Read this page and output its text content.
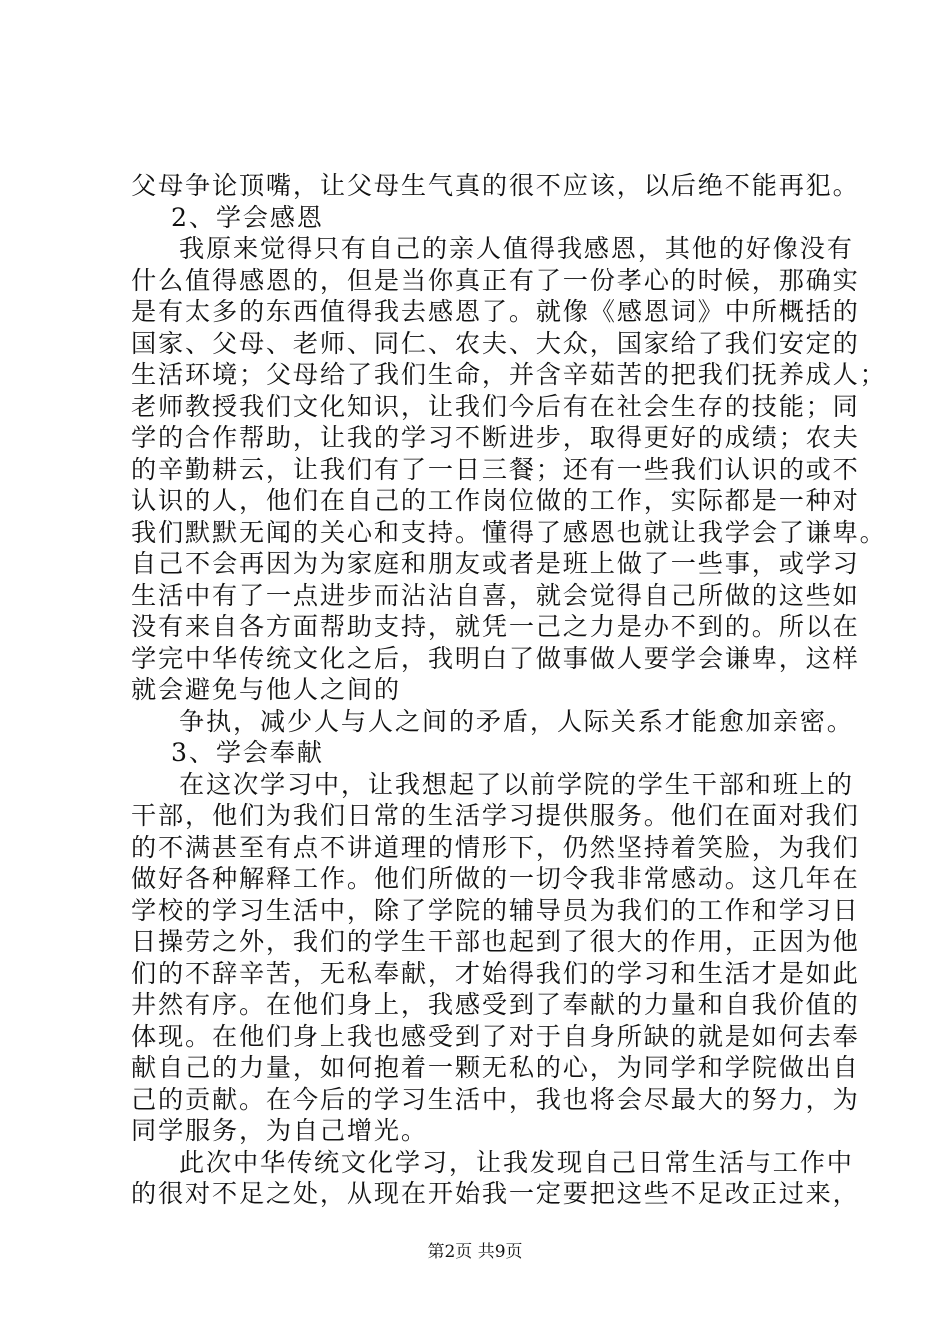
父母争论顶嘴，让父母生气真的很不应该，以后绝不能再犯。
2、学会感恩
我原来觉得只有自己的亲人值得我感恩，其他的好像没有
什么值得感恩的，但是当你真正有了一份孝心的时候，那确实
是有太多的东西值得我去感恩了。就像《感恩词》中所概括的
国家、父母、老师、同仁、农夫、大众，国家给了我们安定的
生活环境；父母给了我们生命，并含辛茹苦的把我们抚养成人；
老师教授我们文化知识，让我们今后有在社会生存的技能；同
学的合作帮助，让我的学习不断进步，取得更好的成绩；农夫
的辛勤耕云，让我们有了一日三餐；还有一些我们认识的或不
认识的人，他们在自己的工作岗位做的工作，实际都是一种对
我们默默无闻的关心和支持。懂得了感恩也就让我学会了谦卑。
自己不会再因为为家庭和朋友或者是班上做了一些事，或学习
生活中有了一点进步而沾沾自喜，就会觉得自己所做的这些如
没有来自各方面帮助支持，就凭一己之力是办不到的。所以在
学完中华传统文化之后，我明白了做事做人要学会谦卑，这样
就会避免与他人之间的
争执，减少人与人之间的矛盾，人际关系才能愈加亲密。
3、学会奉献
在这次学习中，让我想起了以前学院的学生干部和班上的
干部，他们为我们日常的生活学习提供服务。他们在面对我们
的不满甚至有点不讲道理的情形下，仍然坚持着笑脸，为我们
做好各种解释工作。他们所做的一切令我非常感动。这几年在
学校的学习生活中，除了学院的辅导员为我们的工作和学习日
日操劳之外，我们的学生干部也起到了很大的作用，正因为他
们的不辞辛苦，无私奉献，才始得我们的学习和生活才是如此
井然有序。在他们身上，我感受到了奉献的力量和自我价值的
体现。在他们身上我也感受到了对于自身所缺的就是如何去奉
献自己的力量，如何抱着一颗无私的心，为同学和学院做出自
己的贡献。在今后的学习生活中，我也将会尽最大的努力，为
同学服务，为自己增光。
此次中华传统文化学习，让我发现自己日常生活与工作中
的很对不足之处，从现在开始我一定要把这些不足改正过来，
第2页 共9页
